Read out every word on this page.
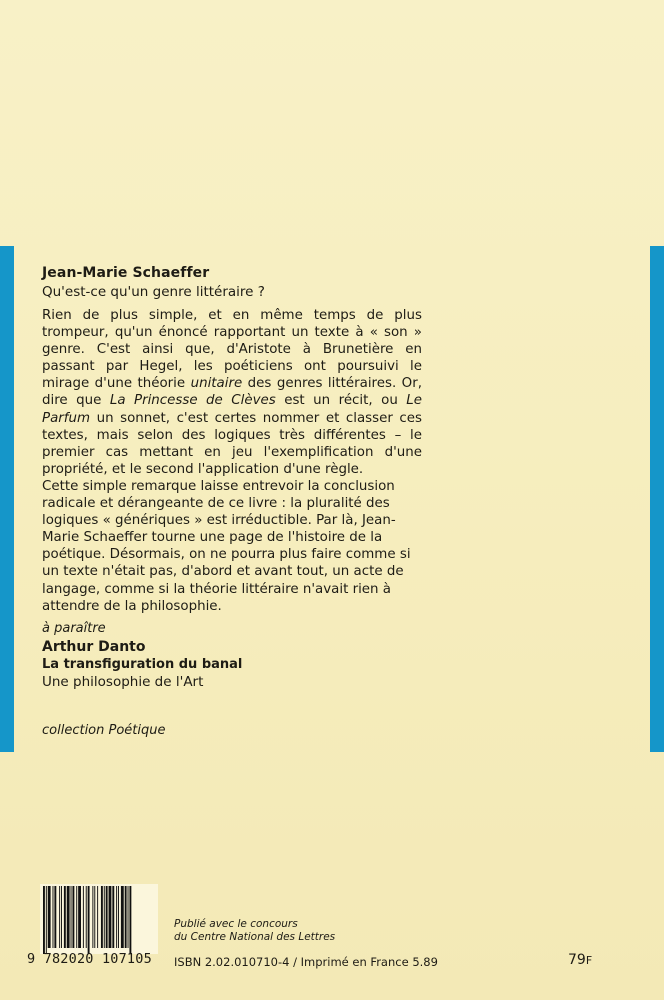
Jean-Marie Schaeffer
Qu'est-ce qu'un genre littéraire ?

Rien de plus simple, et en même temps de plus trompeur, qu'un énoncé rapportant un texte à « son » genre. C'est ainsi que, d'Aristote à Brunetière en passant par Hegel, les poéticiens ont poursuivi le mirage d'une théorie unitaire des genres littéraires. Or, dire que La Princesse de Clèves est un récit, ou Le Parfum un sonnet, c'est certes nommer et classer ces textes, mais selon des logiques très différentes – le premier cas mettant en jeu l'exemplification d'une propriété, et le second l'application d'une règle.

Cette simple remarque laisse entrevoir la conclusion radicale et dérangeante de ce livre : la pluralité des logiques « génériques » est irréductible. Par là, Jean-Marie Schaeffer tourne une page de l'histoire de la poétique. Désormais, on ne pourra plus faire comme si un texte n'était pas, d'abord et avant tout, un acte de langage, comme si la théorie littéraire n'avait rien à attendre de la philosophie.

à paraître
Arthur Danto
La transfiguration du banal
Une philosophie de l'Art
collection Poétique
9 782020 107105
Publié avec le concours
du Centre National des Lettres
ISBN 2.02.010710-4 / Imprimé en France 5.89	79F
